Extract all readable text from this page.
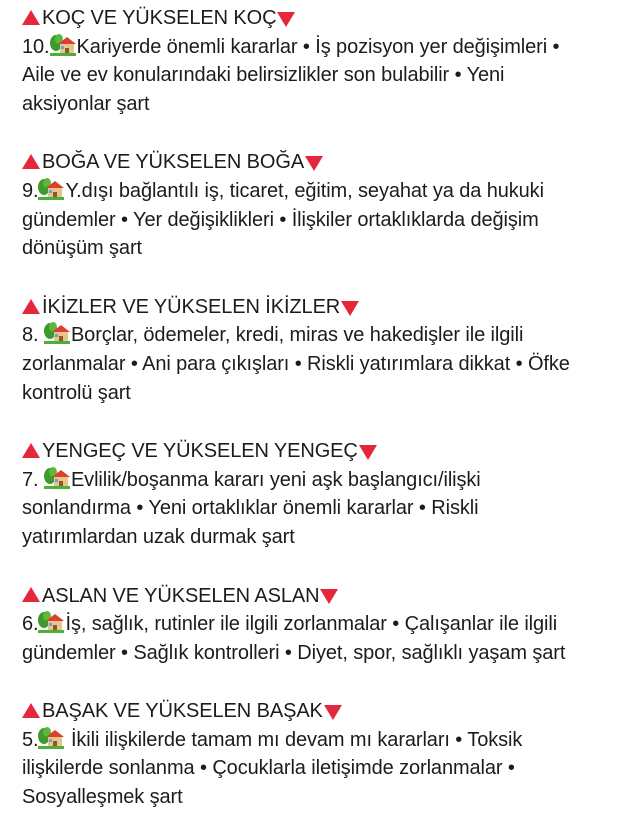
KOÇ VE YÜKSELEN KOÇ
10. Kariyerde önemli kararlar • İş pozisyon yer değişimleri •
Aile ve ev konularındaki belirsizlikler son bulabilir • Yeni
aksiyonlar şart
BOĞA VE YÜKSELEN BOĞA
9. Y.dışı bağlantılı iş, ticaret, eğitim, seyahat ya da hukuki
gündemler • Yer değişiklikleri • İlişkiler ortaklıklarda değişim
dönüşüm şart
İKİZLER VE YÜKSELEN İKİZLER
8. Borçlar, ödemeler, kredi, miras ve hakedişler ile ilgili
zorlanmalar • Ani para çıkışları • Riskli yatırımlara dikkat • Öfke
kontrolü şart
YENGEÇ VE YÜKSELEN YENGEÇ
7. Evlilik/boşanma kararı yeni aşk başlangıcı/ilişki
sonlandırma • Yeni ortaklıklar önemli kararlar • Riskli
yatırımlardan uzak durmak şart
ASLAN VE YÜKSELEN ASLAN
6. İş, sağlık, rutinler ile ilgili zorlanmalar • Çalışanlar ile ilgili
gündemler • Sağlık kontrolleri • Diyet, spor, sağlıklı yaşam şart
BAŞAK VE YÜKSELEN BAŞAK
5. İkili ilişkilerde tamam mı devam mı kararları • Toksik
ilişkilerde sonlanma • Çocuklarla iletişimde zorlanmalar •
Sosyalleşmek şart
